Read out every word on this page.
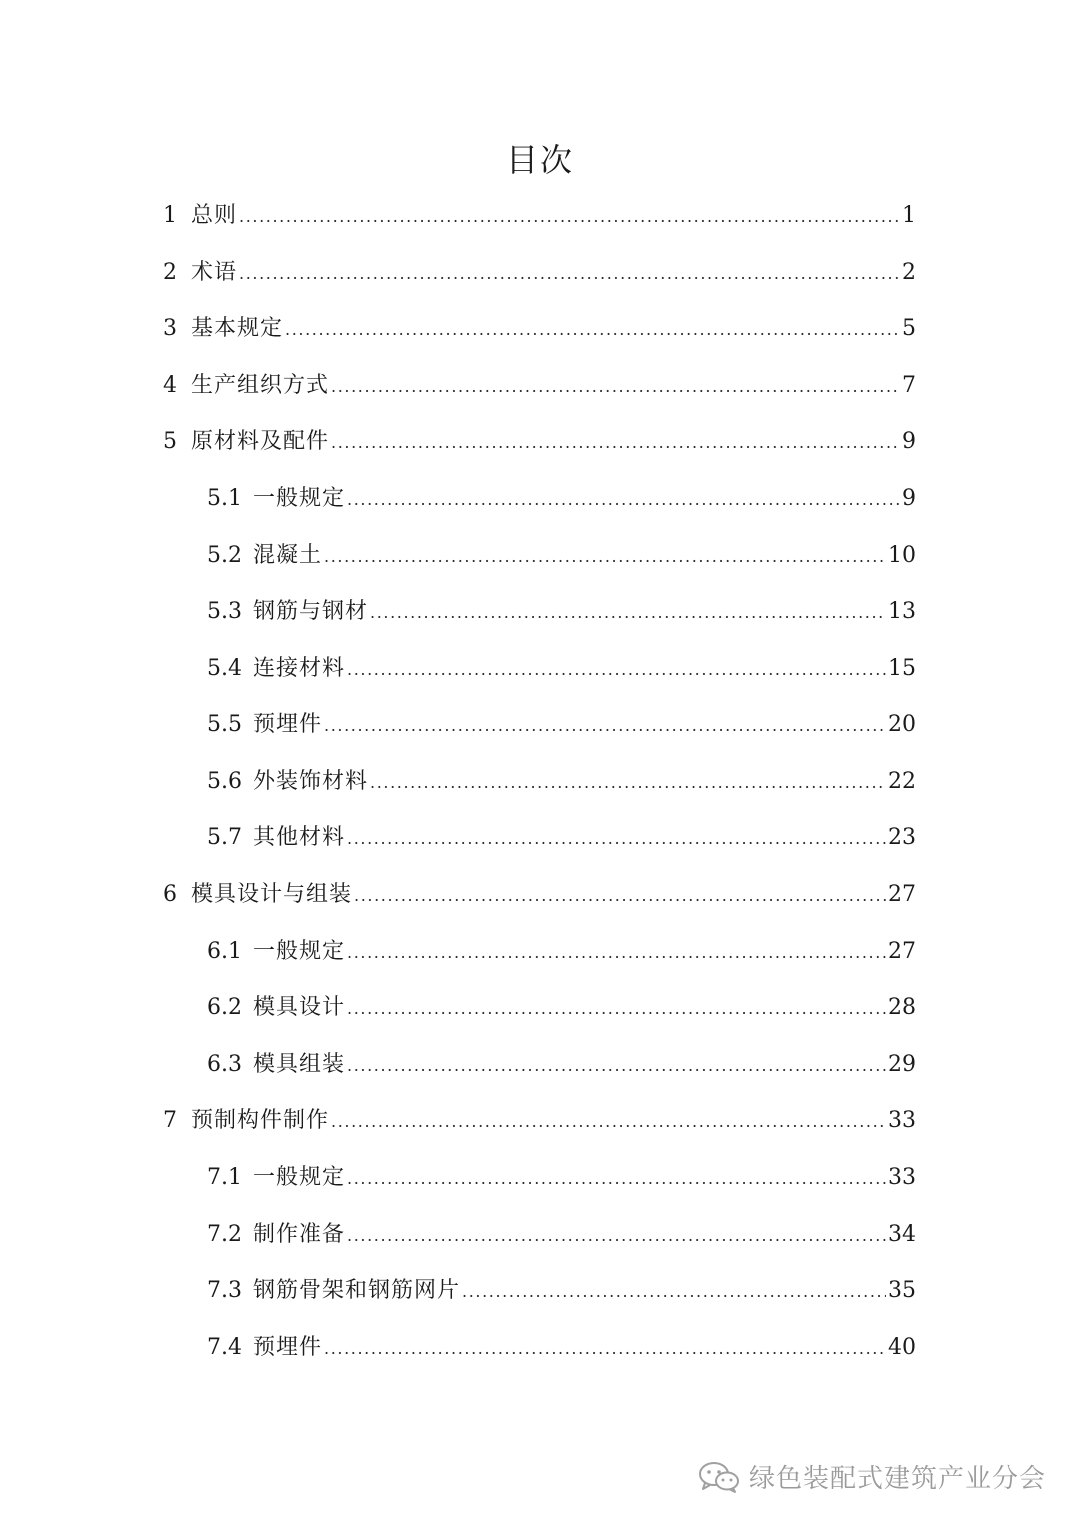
目次
1 总则 .....	1
2 术语 .....	2
3 基本规定 .....	5
4 生产组织方式 .....	7
5 原材料及配件 .....	9
5.1 一般规定 .....	9
5.2 混凝土 .....	10
5.3 钢筋与钢材 .....	13
5.4 连接材料 .....	15
5.5 预埋件 .....	20
5.6 外装饰材料 .....	22
5.7 其他材料 .....	23
6 模具设计与组装 .....	27
6.1 一般规定 .....	27
6.2 模具设计 .....	28
6.3 模具组装 .....	29
7 预制构件制作 .....	33
7.1 一般规定 .....	33
7.2 制作准备 .....	34
7.3 钢筋骨架和钢筋网片 .....	35
7.4 预埋件 .....	40
绿色装配式建筑产业分会
